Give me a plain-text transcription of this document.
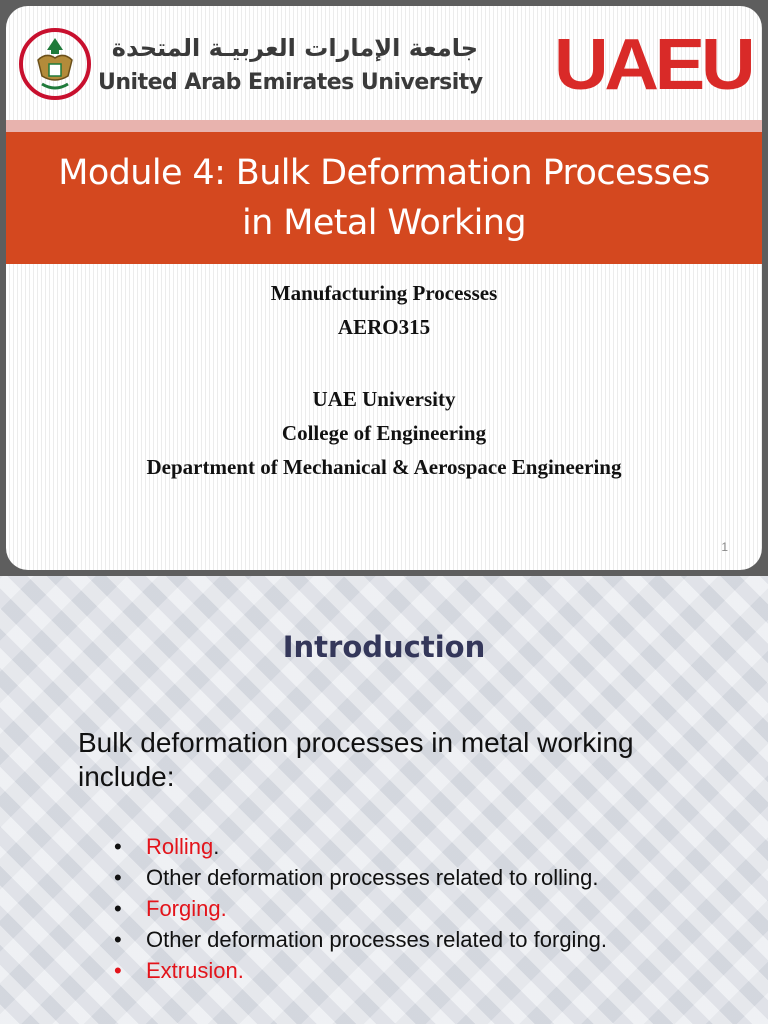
جامعة الإمارات العربيـة المتحدة
United Arab Emirates University UAEU
Module 4: Bulk Deformation Processes
in Metal Working
Manufacturing Processes
AERO315
UAE University
College of Engineering
Department of Mechanical & Aerospace Engineering
1
Introduction
Bulk deformation processes in metal working include:
• Rolling.
• Other deformation processes related to rolling.
• Forging.
• Other deformation processes related to forging.
• Extrusion.
